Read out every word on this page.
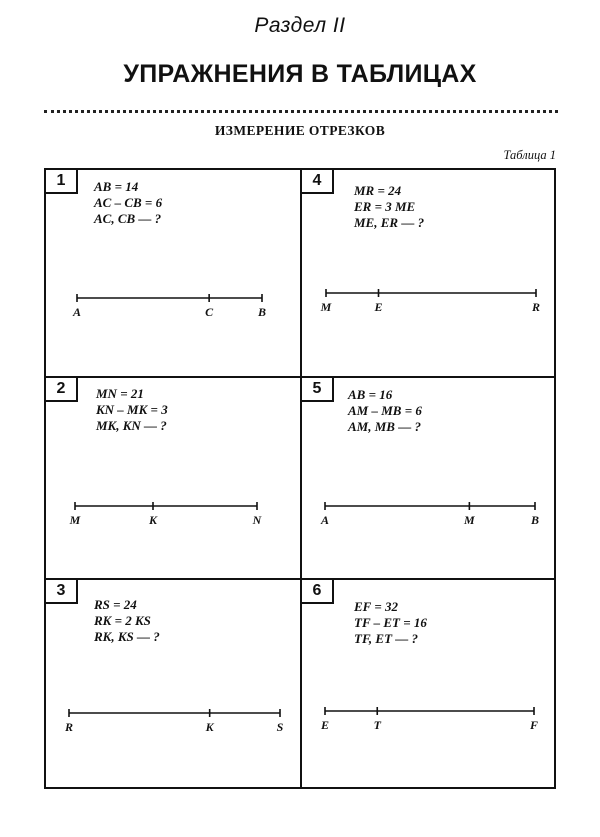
Раздел II
УПРАЖНЕНИЯ В ТАБЛИЦАХ
ИЗМЕРЕНИЕ ОТРЕЗКОВ
Таблица 1
1	AB = 14
AC – CB = 6
AC, CB — ?
A	C	B
2	MN = 21
KN – MK = 3
MK, KN — ?
M	K	N
3
RS = 24
RK = 2 KS
RK, KS — ?
R	K	S
4
MR = 24
ER = 3 ME
ME, ER — ?
M	E	R
5	AB = 16
AM – MB = 6
AM, MB — ?
A	M	B
6
EF = 32
TF – ET = 16
TF, ET — ?
E	T	F
